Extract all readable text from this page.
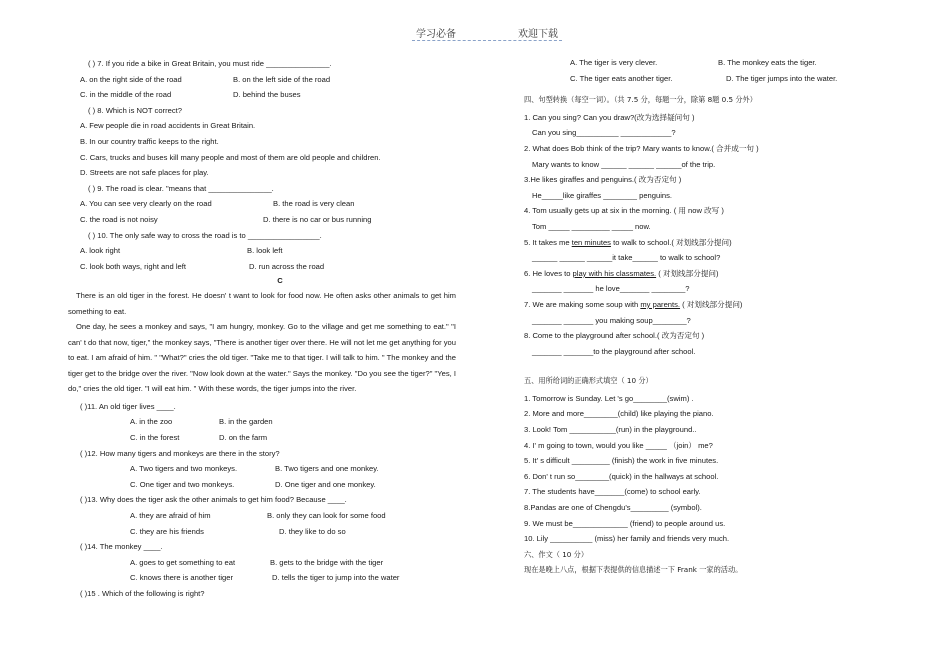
学习必备	欢迎下载
( ) 7. If you ride a bike in Great Britain, you must ride _______________.
A. on the right side of the road	B. on the left side of the road
C. in the middle of the road	D. behind the buses
( ) 8. Which is NOT correct?
A. Few people die in road accidents in Great Britain.
B. In our country traffic keeps to the right.
C. Cars, trucks and buses kill many people and most of them are old people and children.
D. Streets are not safe places for play.
( ) 9. The road is clear. "means that _______________.
A. You can see very clearly on the road	B. the road is very clean
C. the road is not noisy	D. there is no car or bus running
( ) 10. The only safe way to cross the road is to _________________.
A. look right	B. look left
C. look both ways, right and left	D. run across the road
C

There is an old tiger in the forest. He doesn' t want to look for food now. He often asks other animals to get him something to eat.

One day, he sees a monkey and says, "I am hungry, monkey. Go to the village and get me something to eat." "I can' t do that now, tiger," the monkey says, "There is another tiger over there. He will not let me get anything for you to eat. I am afraid of him. " "What?" cries the old tiger. "Take me to that tiger. I will talk to him. " The monkey and the tiger get to the bridge over the river. "Now look down at the water." Says the monkey. "Do you see the tiger?" "Yes, I do," cries the old tiger. "I will eat him. " With these words, the tiger jumps into the river.

( )11. An old tiger lives ____.
A. in the zoo	B. in the garden
C. in the forest	D. on the farm
( )12. How many tigers and monkeys are there in the story?
A. Two tigers and two monkeys.	B. Two tigers and one monkey.
C. One tiger and two monkeys.	D. One tiger and one monkey.
( )13. Why does the tiger ask the other animals to get him food? Because ____.
A. they are afraid of him	B. only they can look for some food
C. they are his friends	D. they like to do so
( )14. The monkey ____.
A. goes to get something to eat	B. gets to the bridge with the tiger
C. knows there is another tiger	D. tells the tiger to jump into the water
( )15 . Which of the following is right?
A. The tiger is very clever.	B. The monkey eats the tiger.
C. The tiger eats another tiger.	D. The tiger jumps into the water.
四、句型转换（每空一词）。（共 7.5 分，每题一分，除第 8题 0.5 分外）
1. Can you sing? Can you draw?(改为选择疑问句 )
Can you sing__________ ____________?
2. What does Bob think of the trip? Mary wants to know.( 合并成一句 )
Mary wants to know ______ ______ ______of the trip.
3.He likes giraffes and penguins.( 改为否定句 )
He_____like giraffes ________ penguins.
4. Tom usually gets up at six in the morning. ( 用 now 改写 )
Tom _____ _________ _____ now.
5. It takes me ten minutes to walk to school.( 对划线部分提问)
______ ______ ______it take______ to walk to school?
6. He loves to play with his classmates. ( 对划线部分提问)
_______ _______ he love_______ ________?
7. We are making some soup with my parents. ( 对划线部分提问)
_______ _______ you making soup________?
8. Come to the playground after school.( 改为否定句 )
_______ _______to the playground after school.
五、用所给词的正确形式填空（ 10 分）
1. Tomorrow is Sunday. Let 's go________(swim) .
2. More and more________(child) like playing the piano.
3. Look! Tom ___________(run) in the playground..
4. I' m going to town, would you like _____ （join） me?
5. It' s difficult _________ (finish) the work in five minutes.
6. Don' t run so________(quick) in the hallways at school.
7. The students have_______(come) to school early.
8.Pandas are one of Chengdu's_________ (symbol).
9. We must be_____________ (friend) to people around us.
10. Lily __________ (miss) her family and friends very much.
六、作文（ 10 分）
现在是晚上八点，根据下表提供的信息描述一下 Frank 一家的活动。
